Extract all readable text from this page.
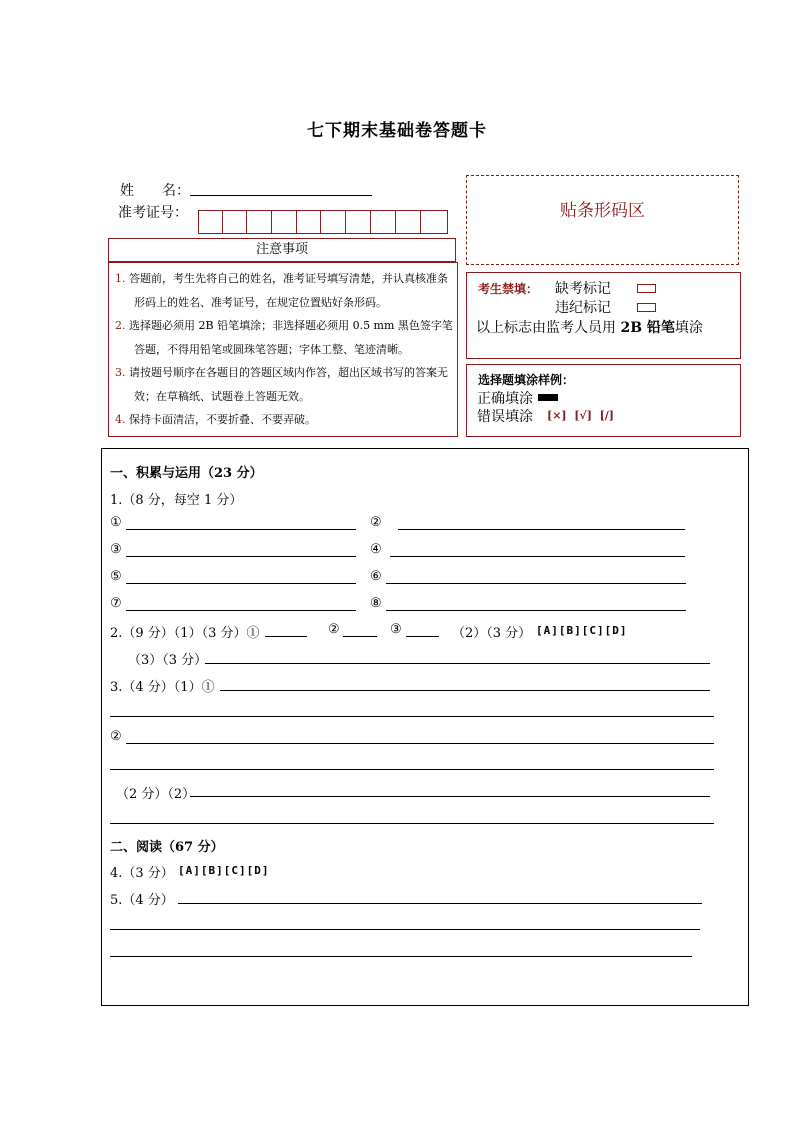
七下期末基础卷答题卡
姓　　名：
准考证号：	贴条形码区
注意事项
1. 答题前，考生先将自己的姓名，准考证号填写清楚，并认真核准条形码上的姓名、准考证号，在规定位置贴好条形码。
2. 选择题必须用 2B 铅笔填涂；非选择题必须用 0.5 mm 黑色签字笔答题，不得用铅笔或圆珠笔答题；字体工整、笔迹清晰。
3. 请按题号顺序在各题目的答题区域内作答，超出区域书写的答案无效；在草稿纸、试题卷上答题无效。
4. 保持卡面清洁，不要折叠、不要弄破。
考生禁填： 缺考标记
违纪标记
以上标志由监考人员用 2B 铅笔填涂
选择题填涂样例：
正确填涂
错误填涂 [×]  [√]  [/]
一、积累与运用（23 分）
1.（8 分，每空 1 分）
①	②
③	④
⑤	⑥
⑦	⑧
2.（9 分）（1）（3 分）①	②	③	（2）（3 分） [A][B][C][D]
（3）（3 分）
3.（4 分）（1）①
②
（2 分）（2）
二、阅读（67 分）
4.（3 分） [A][B][C][D]
5.（4 分）
